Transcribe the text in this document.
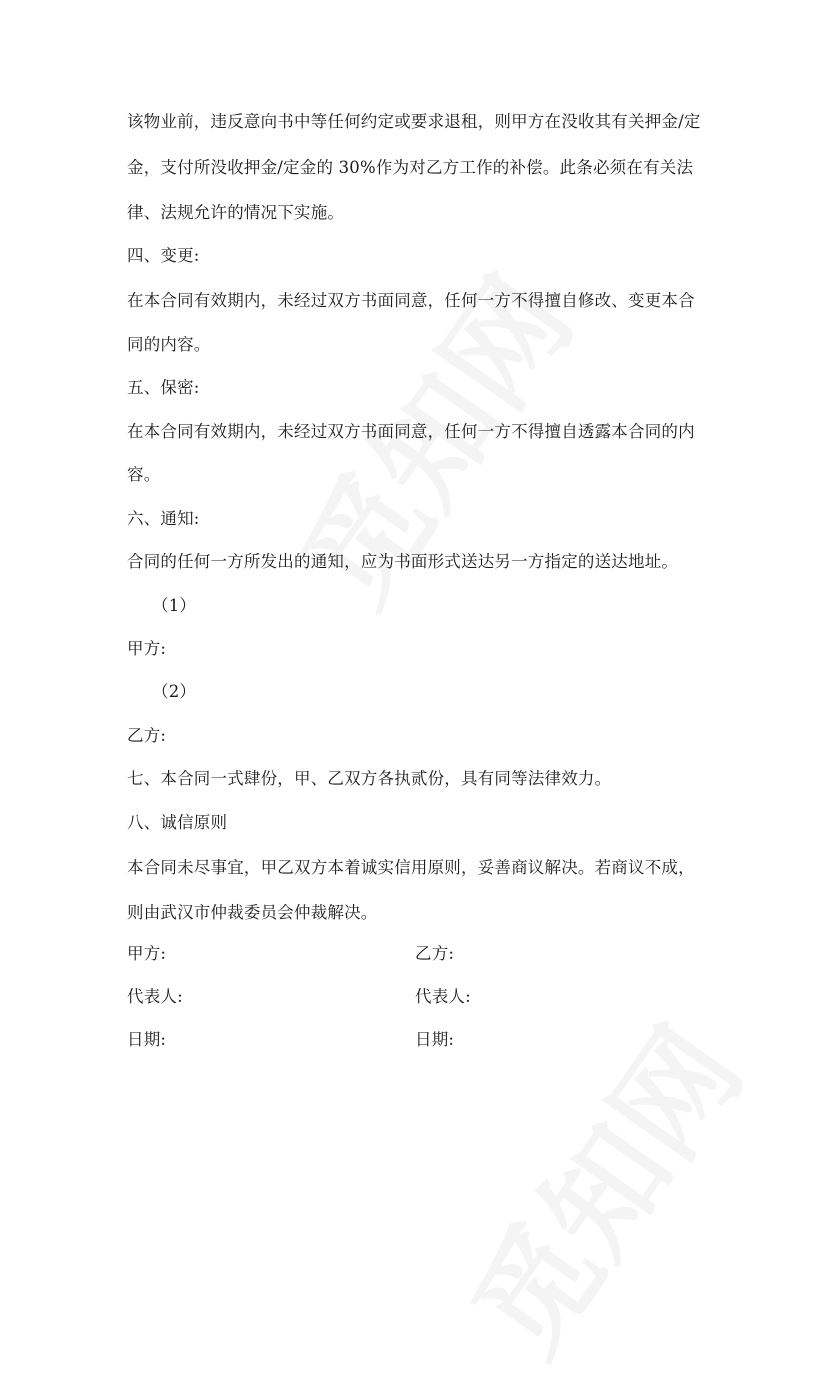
该物业前，违反意向书中等任何约定或要求退租，则甲方在没收其有关押金/定
金，支付所没收押金/定金的 30%作为对乙方工作的补偿。此条必须在有关法
律、法规允许的情况下实施。
四、变更:
在本合同有效期内，未经过双方书面同意，任何一方不得擅自修改、变更本合
同的内容。
五、保密:
在本合同有效期内，未经过双方书面同意，任何一方不得擅自透露本合同的内
容。
六、通知:
合同的任何一方所发出的通知，应为书面形式送达另一方指定的送达地址。
（1）
甲方:
（2）
乙方:
七、本合同一式肆份，甲、乙双方各执贰份，具有同等法律效力。
八、诚信原则
本合同未尽事宜，甲乙双方本着诚实信用原则，妥善商议解决。若商议不成，
则由武汉市仲裁委员会仲裁解决。
甲方:	乙方:
代表人:	代表人:
日期:	日期:
